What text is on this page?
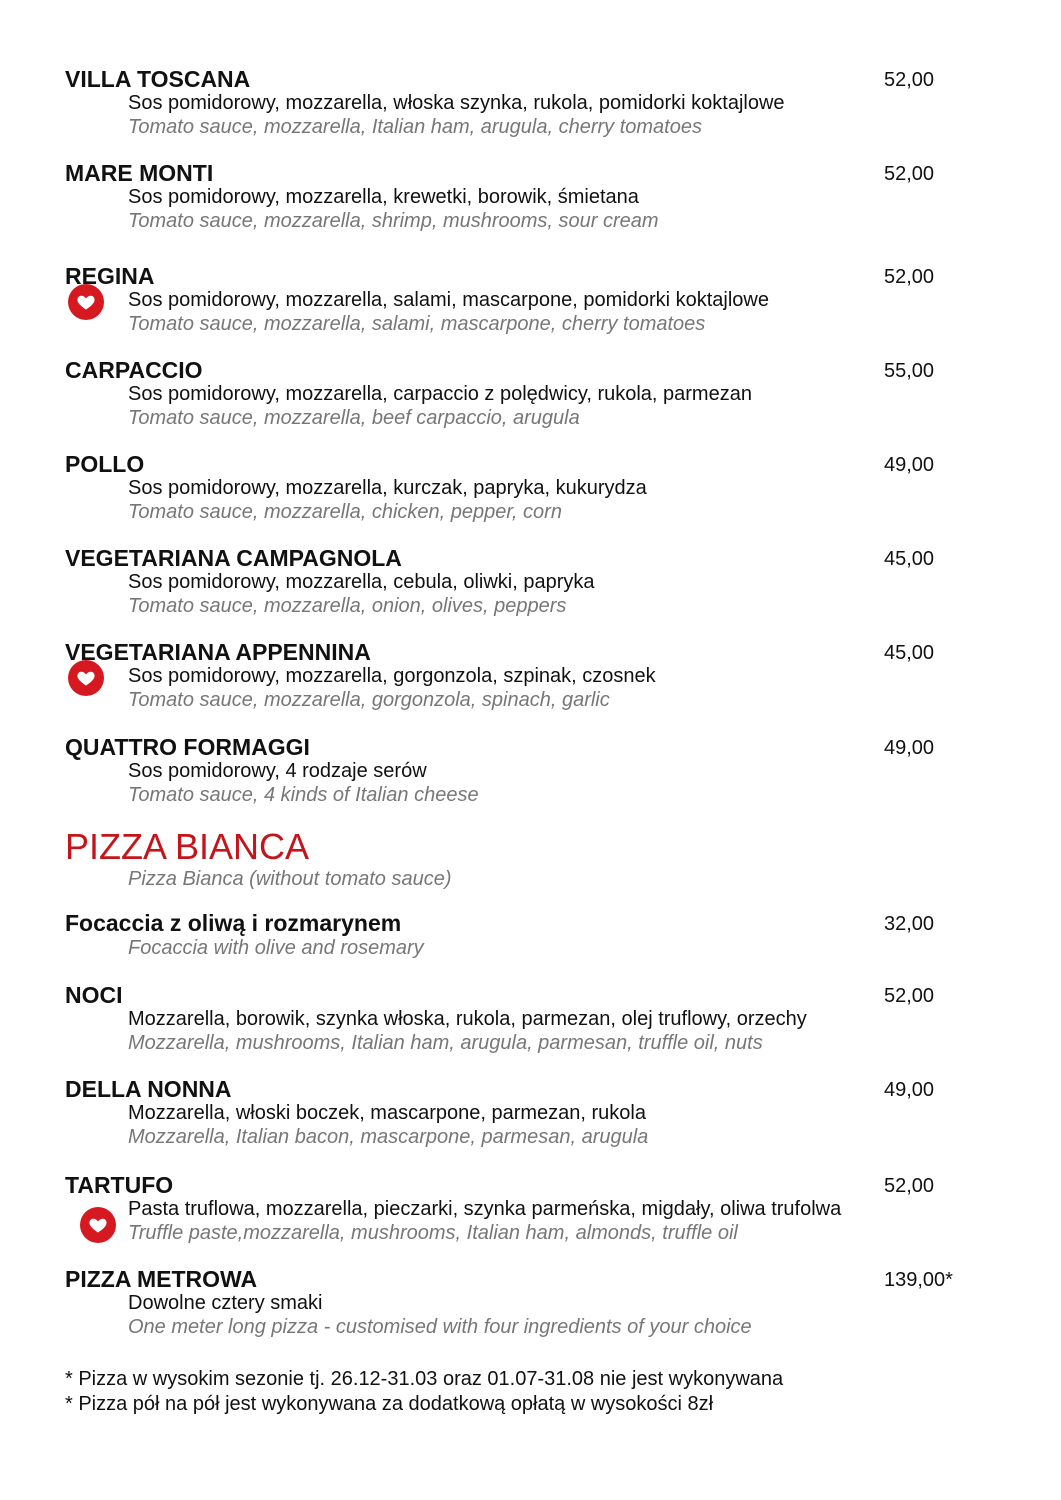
VILLA TOSCANA	52,00
Sos pomidorowy, mozzarella, włoska szynka, rukola, pomidorki koktajlowe
Tomato sauce, mozzarella, Italian ham, arugula, cherry tomatoes
MARE MONTI	52,00
Sos pomidorowy, mozzarella, krewetki, borowik, śmietana
Tomato sauce, mozzarella, shrimp, mushrooms, sour cream
REGINA	52,00
Sos pomidorowy, mozzarella, salami, mascarpone, pomidorki koktajlowe
Tomato sauce, mozzarella, salami, mascarpone, cherry tomatoes
CARPACCIO	55,00
Sos pomidorowy, mozzarella, carpaccio z polędwicy, rukola, parmezan
Tomato sauce, mozzarella, beef carpaccio, arugula
POLLO	49,00
Sos pomidorowy, mozzarella, kurczak, papryka, kukurydza
Tomato sauce, mozzarella, chicken, pepper, corn
VEGETARIANA CAMPAGNOLA	45,00
Sos pomidorowy, mozzarella, cebula, oliwki, papryka
Tomato sauce, mozzarella, onion, olives, peppers
VEGETARIANA APPENNINA	45,00
Sos pomidorowy, mozzarella, gorgonzola, szpinak, czosnek
Tomato sauce, mozzarella, gorgonzola, spinach, garlic
QUATTRO FORMAGGI	49,00
Sos pomidorowy, 4 rodzaje serów
Tomato sauce, 4 kinds of Italian cheese
PIZZA BIANCA
Pizza Bianca (without tomato sauce)
Focaccia z oliwą i rozmarynem	32,00
Focaccia with olive and rosemary
NOCI	52,00
Mozzarella, borowik, szynka włoska, rukola, parmezan, olej truflowy, orzechy
Mozzarella, mushrooms, Italian ham, arugula, parmesan, truffle oil, nuts
DELLA NONNA	49,00
Mozzarella, włoski boczek, mascarpone, parmezan, rukola
Mozzarella, Italian bacon, mascarpone, parmesan, arugula
TARTUFO	52,00
Pasta truflowa, mozzarella, pieczarki, szynka parmeńska, migdały, oliwa trufolwa
Truffle paste,mozzarella, mushrooms, Italian ham, almonds, truffle oil
PIZZA METROWA	139,00*
Dowolne cztery smaki
One meter long pizza - customised with four ingredients of your choice
* Pizza w wysokim sezonie tj. 26.12-31.03 oraz 01.07-31.08 nie jest wykonywana
* Pizza pół na pół jest wykonywana za dodatkową opłatą w wysokości 8zł
